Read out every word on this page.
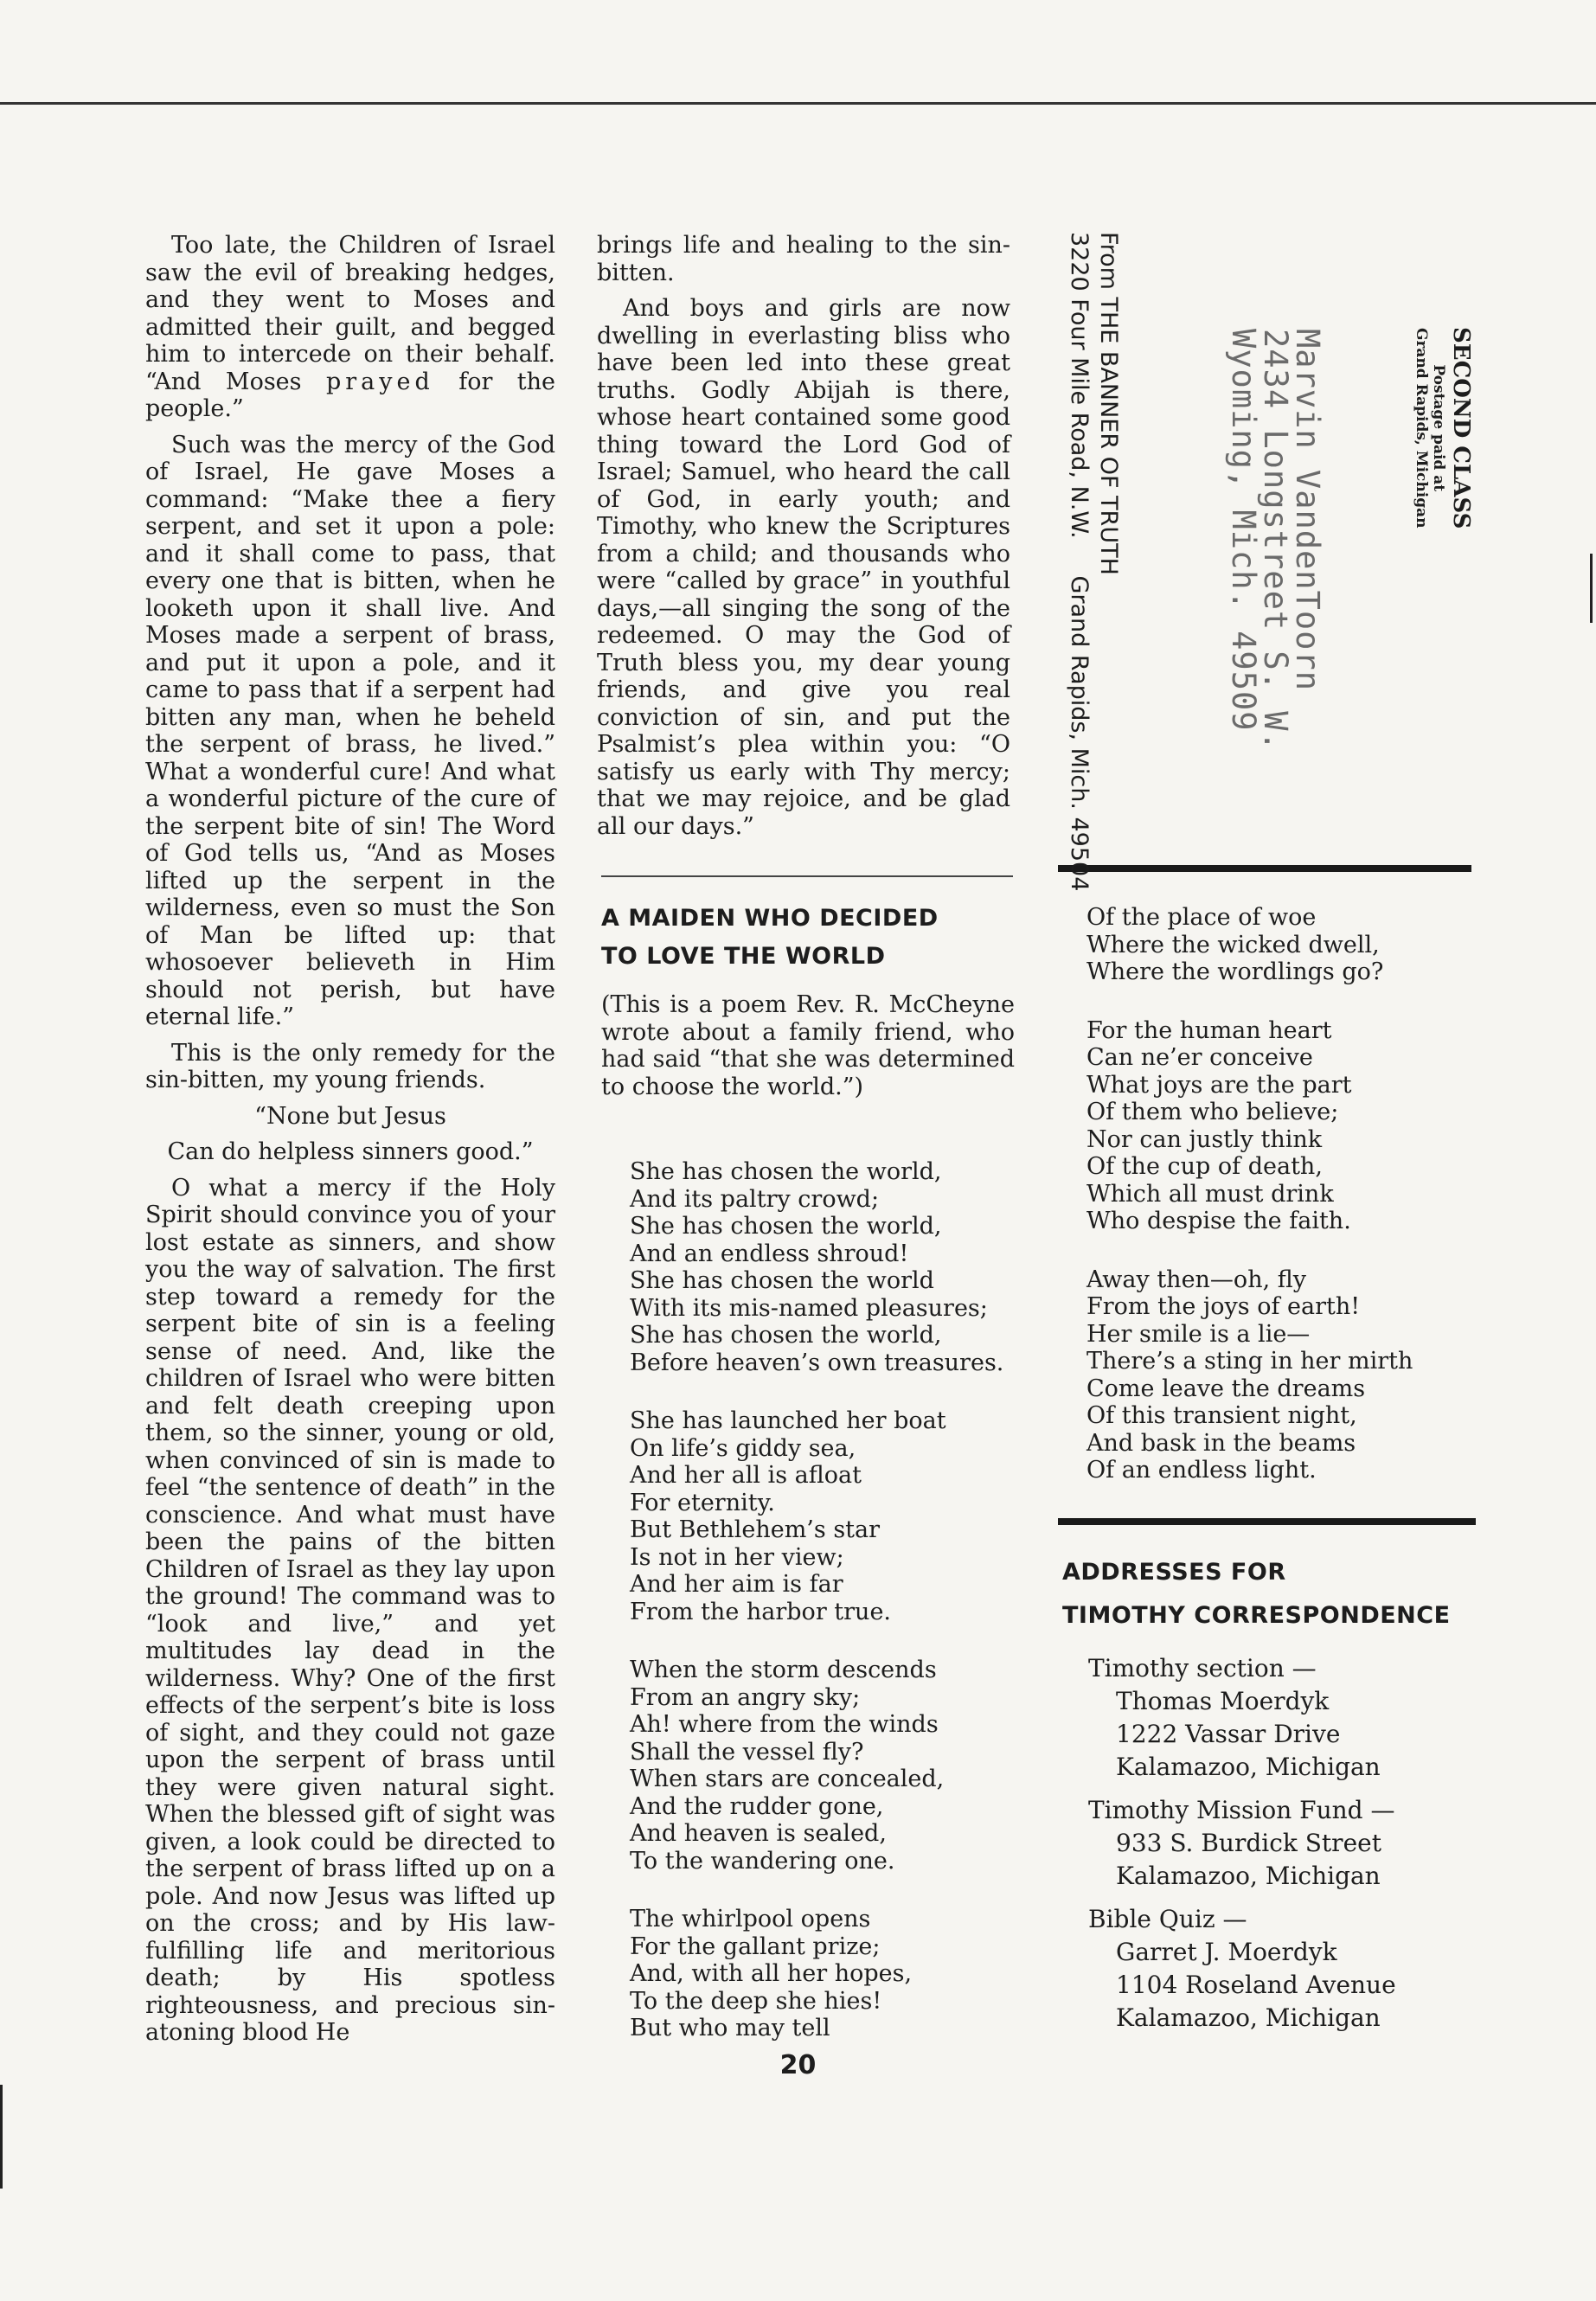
Too late, the Children of Israel saw the evil of breaking hedges, and they went to Moses and admitted their guilt, and begged him to intercede on their behalf. “And Moses prayed for the people.”

Such was the mercy of the God of Israel, He gave Moses a command: “Make thee a fiery serpent, and set it upon a pole: and it shall come to pass, that every one that is bitten, when he looketh upon it shall live. And Moses made a serpent of brass, and put it upon a pole, and it came to pass that if a serpent had bitten any man, when he beheld the serpent of brass, he lived.” What a wonderful cure! And what a wonderful picture of the cure of the serpent bite of sin! The Word of God tells us, “And as Moses lifted up the serpent in the wilderness, even so must the Son of Man be lifted up: that whosoever believeth in Him should not perish, but have eternal life.”

This is the only remedy for the sin-bitten, my young friends.

“None but Jesus

Can do helpless sinners good.”

O what a mercy if the Holy Spirit should convince you of your lost estate as sinners, and show you the way of salvation. The first step toward a remedy for the serpent bite of sin is a feeling sense of need. And, like the children of Israel who were bitten and felt death creeping upon them, so the sinner, young or old, when convinced of sin is made to feel “the sentence of death” in the conscience. And what must have been the pains of the bitten Children of Israel as they lay upon the ground! The command was to “look and live,” and yet multitudes lay dead in the wilderness. Why? One of the first effects of the serpent’s bite is loss of sight, and they could not gaze upon the serpent of brass until they were given natural sight. When the blessed gift of sight was given, a look could be directed to the serpent of brass lifted up on a pole. And now Jesus was lifted up on the cross; and by His law-fulfilling life and meritorious death; by His spotless righteousness, and precious sin-atoning blood He

brings life and healing to the sin-bitten.

And boys and girls are now dwelling in everlasting bliss who have been led into these great truths. Godly Abijah is there, whose heart contained some good thing toward the Lord God of Israel; Samuel, who heard the call of God, in early youth; and Timothy, who knew the Scriptures from a child; and thousands who were “called by grace” in youthful days,—all singing the song of the redeemed. O may the God of Truth bless you, my dear young friends, and give you real conviction of sin, and put the Psalmist’s plea within you: “O satisfy us early with Thy mercy; that we may rejoice, and be glad all our days.”

A MAIDEN WHO DECIDED
TO LOVE THE WORLD
(This is a poem Rev. R. McCheyne wrote about a family friend, who had said “that she was determined to choose the world.”)
She has chosen the world,
And its paltry crowd;
She has chosen the world,
And an endless shroud!
She has chosen the world
With its mis-named pleasures;
She has chosen the world,
Before heaven’s own treasures.
She has launched her boat
On life’s giddy sea,
And her all is afloat
For eternity.
But Bethlehem’s star
Is not in her view;
And her aim is far
From the harbor true.
When the storm descends
From an angry sky;
Ah! where from the winds
Shall the vessel fly?
When stars are concealed,
And the rudder gone,
And heaven is sealed,
To the wandering one.
The whirlpool opens
For the gallant prize;
And, with all her hopes,
To the deep she hies!
But who may tell
Of the place of woe
Where the wicked dwell,
Where the wordlings go?
For the human heart
Can ne’er conceive
What joys are the part
Of them who believe;
Nor can justly think
Of the cup of death,
Which all must drink
Who despise the faith.
Away then—oh, fly
From the joys of earth!
Her smile is a lie—
There’s a sting in her mirth
Come leave the dreams
Of this transient night,
And bask in the beams
Of an endless light.
ADDRESSES FOR
TIMOTHY CORRESPONDENCE
Timothy section —
Thomas Moerdyk
1222 Vassar Drive
Kalamazoo, Michigan
Timothy Mission Fund —
933 S. Burdick Street
Kalamazoo, Michigan
Bible Quiz —
Garret J. Moerdyk
1104 Roseland Avenue
Kalamazoo, Michigan
SECOND CLASS
Postage paid at
Grand Rapids, Michigan
Marvin VandenToorn
2434 Longstreet S. W.
Wyoming, Mich. 49509
From THE BANNER OF TRUTH
3220 Four Mile Road, N.W.     Grand Rapids, Mich. 49504
20
